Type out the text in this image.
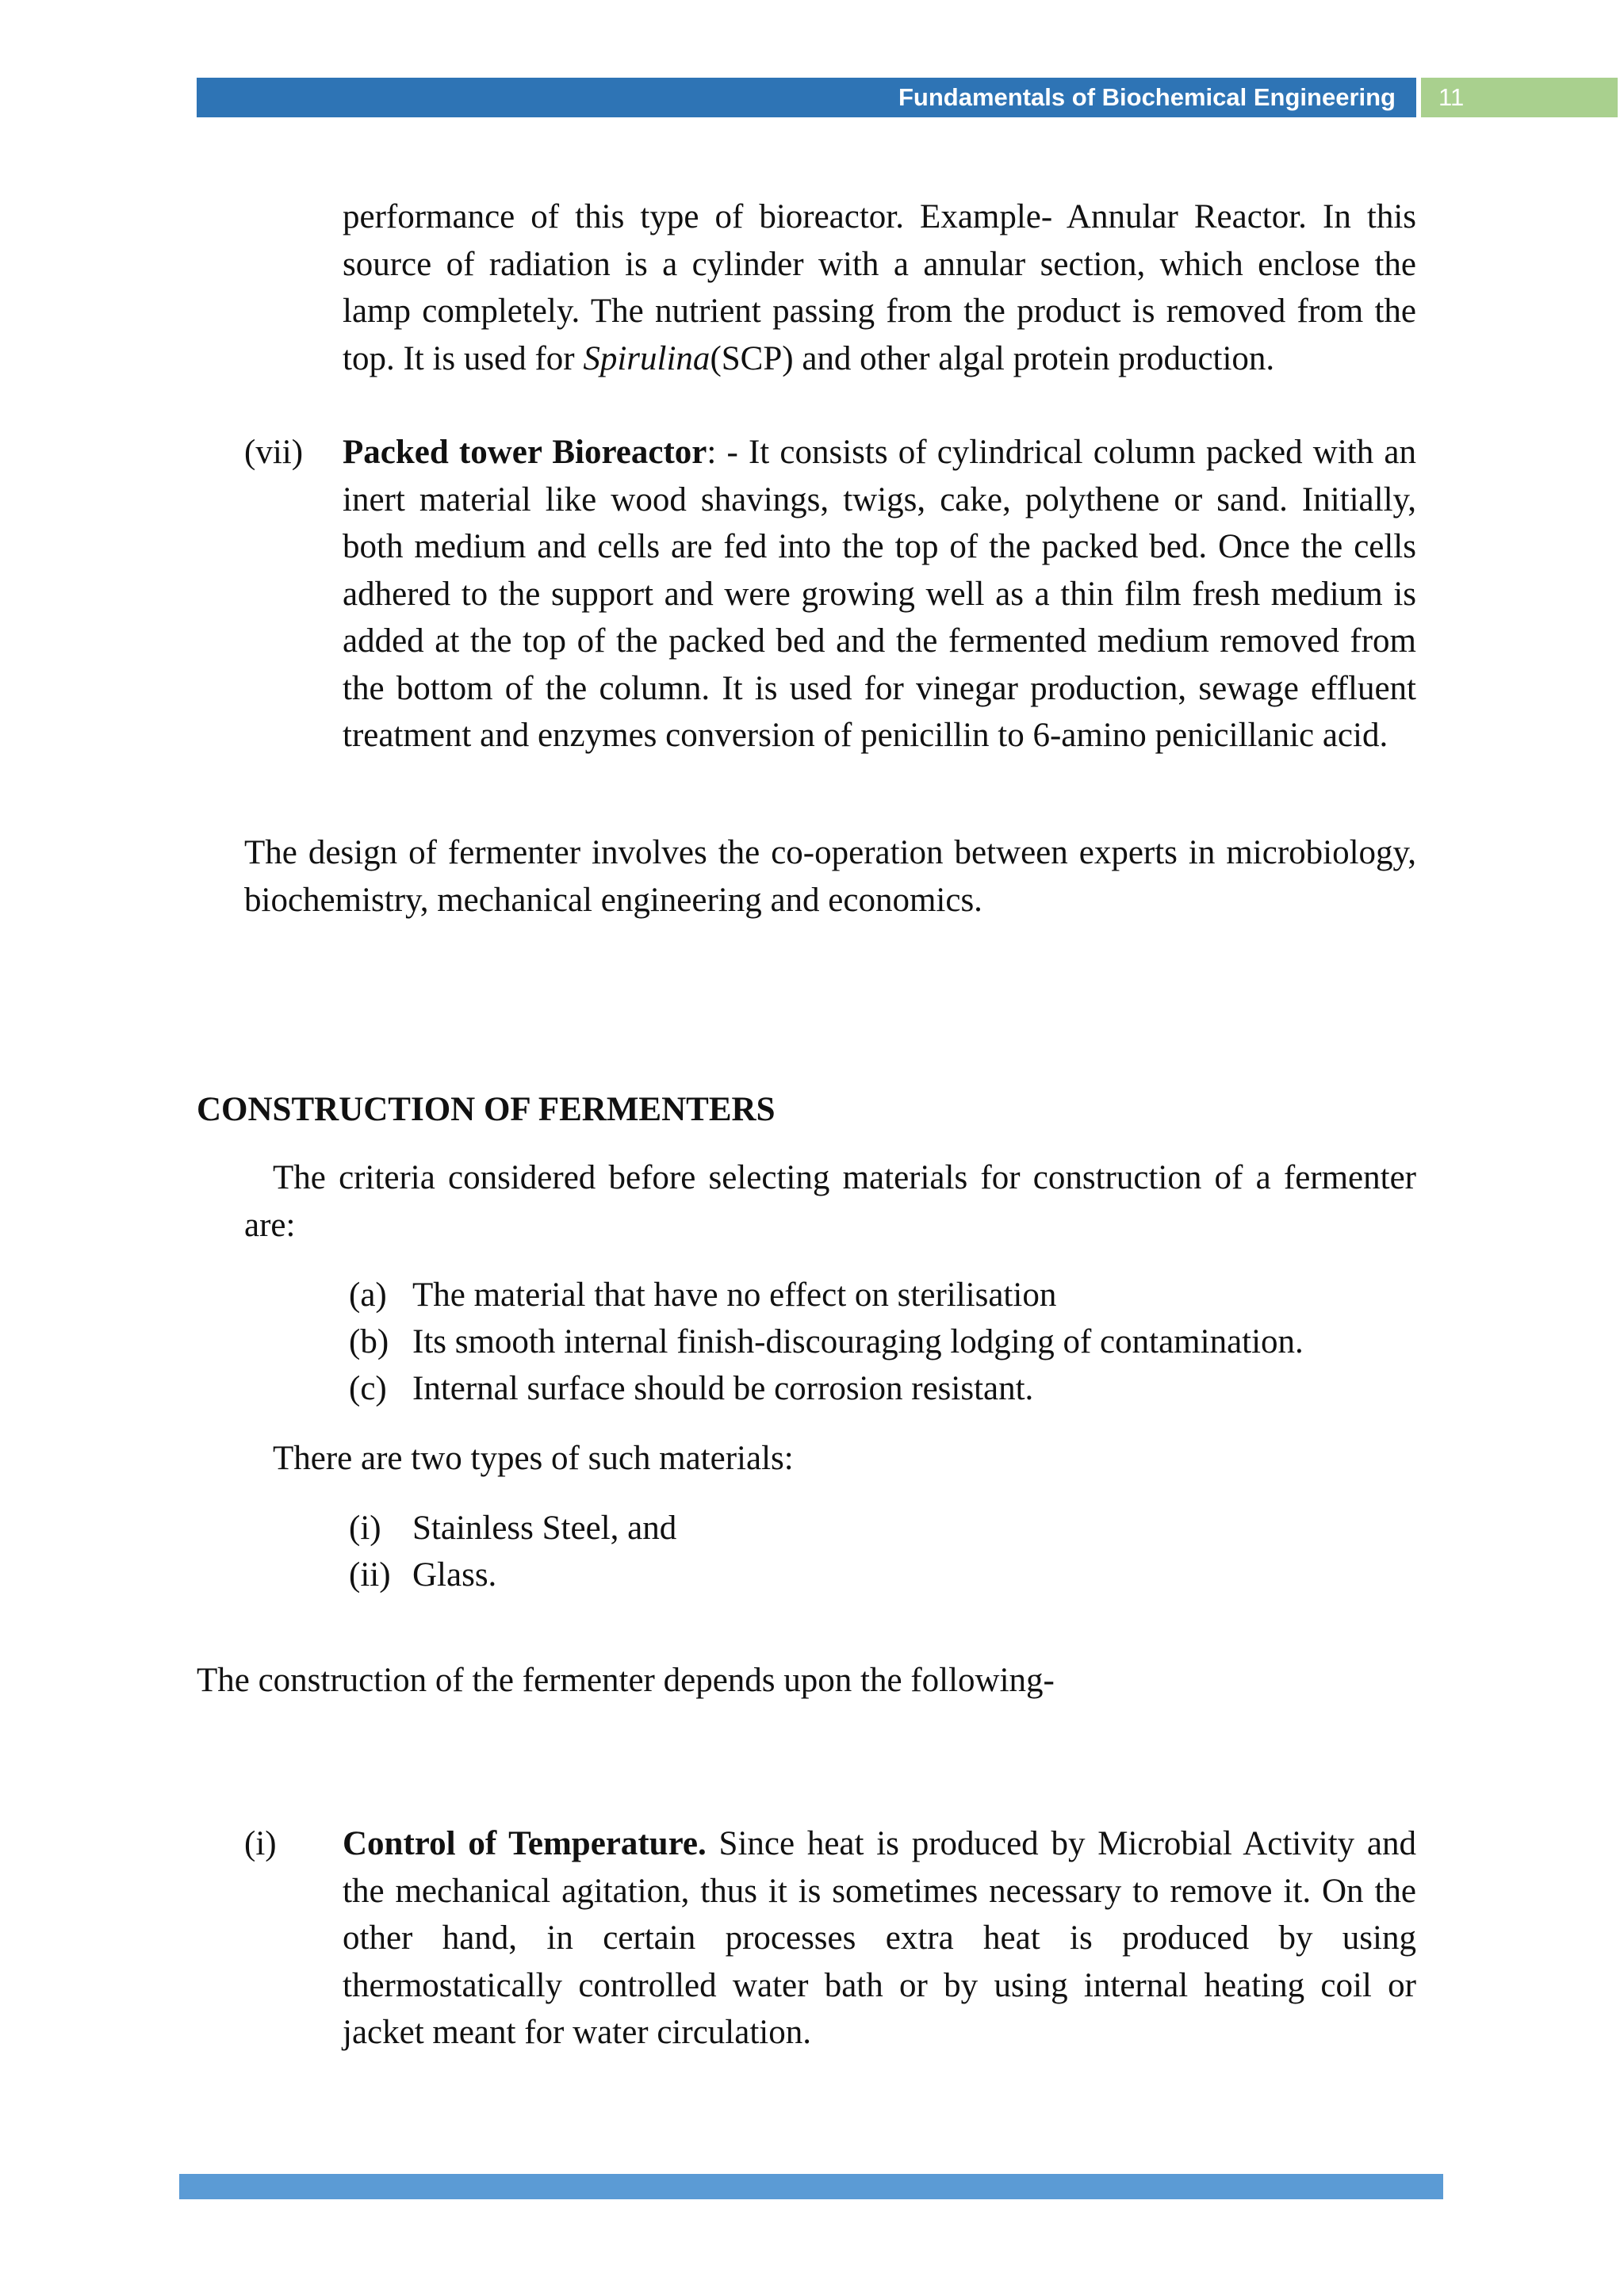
Fundamentals of Biochemical Engineering	11

performance of this type of bioreactor. Example- Annular Reactor. In this source of radiation is a cylinder with a annular section, which enclose the lamp completely. The nutrient passing from the product is removed from the top. It is used for Spirulina(SCP) and other algal protein production.

(vii) Packed tower Bioreactor: - It consists of cylindrical column packed with an inert material like wood shavings, twigs, cake, polythene or sand. Initially, both medium and cells are fed into the top of the packed bed. Once the cells adhered to the support and were growing well as a thin film fresh medium is added at the top of the packed bed and the fermented medium removed from the bottom of the column. It is used for vinegar production, sewage effluent treatment and enzymes conversion of penicillin to 6-amino penicillanic acid.

The design of fermenter involves the co-operation between experts in microbiology, biochemistry, mechanical engineering and economics.

CONSTRUCTION OF FERMENTERS

The criteria considered before selecting materials for construction of a fermenter are:

(a) The material that have no effect on sterilisation
(b) Its smooth internal finish-discouraging lodging of contamination.
(c) Internal surface should be corrosion resistant.
There are two types of such materials:
(i) Stainless Steel, and
(ii) Glass.
The construction of the fermenter depends upon the following-
(i) Control of Temperature. Since heat is produced by Microbial Activity and the mechanical agitation, thus it is sometimes necessary to remove it. On the other hand, in certain processes extra heat is produced by using thermostatically controlled water bath or by using internal heating coil or jacket meant for water circulation.
